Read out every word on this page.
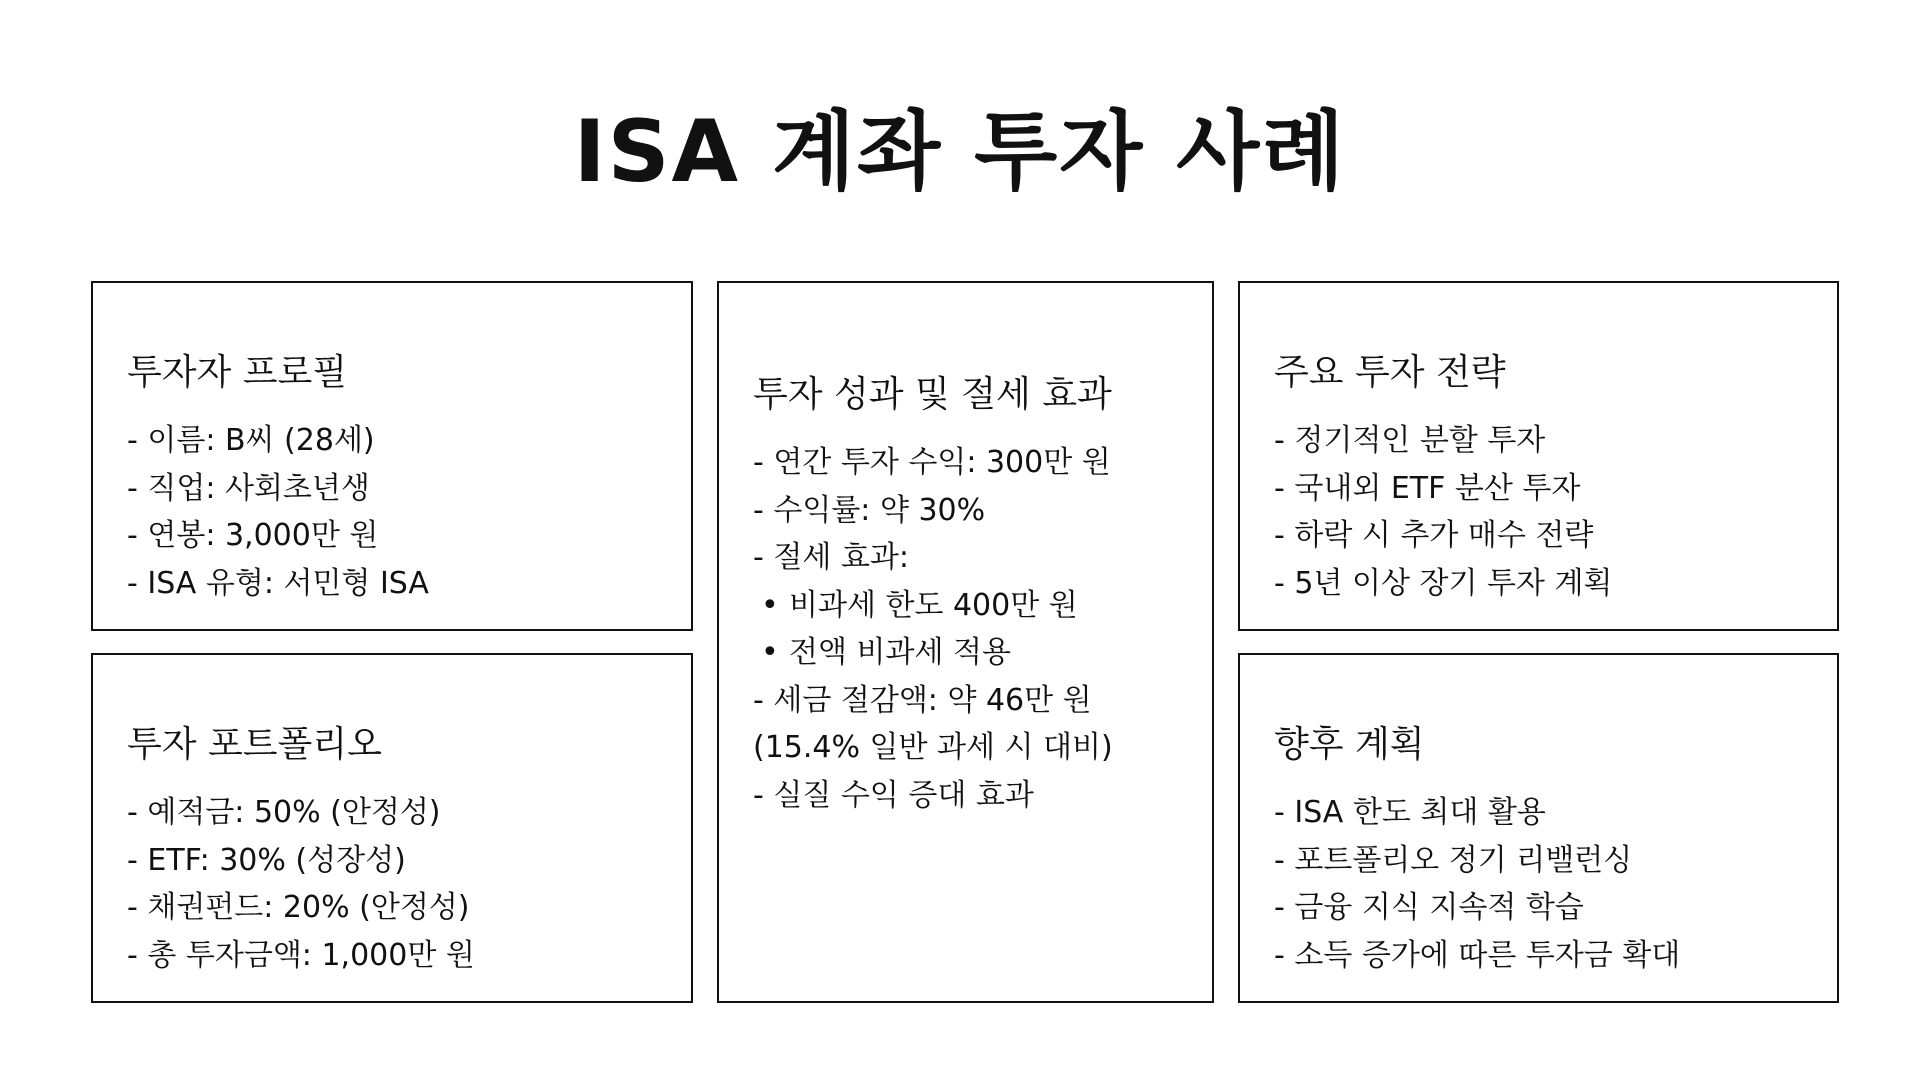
ISA 계좌 투자 사례
투자자 프로필
- 이름: B씨 (28세)
- 직업: 사회초년생
- 연봉: 3,000만 원
- ISA 유형: 서민형 ISA
투자 포트폴리오
- 예적금: 50% (안정성)
- ETF: 30% (성장성)
- 채권펀드: 20% (안정성)
- 총 투자금액: 1,000만 원
투자 성과 및 절세 효과
- 연간 투자 수익: 300만 원
- 수익률: 약 30%
- 절세 효과:
• 비과세 한도 400만 원
• 전액 비과세 적용
- 세금 절감액: 약 46만 원
(15.4% 일반 과세 시 대비)
- 실질 수익 증대 효과
주요 투자 전략
- 정기적인 분할 투자
- 국내외 ETF 분산 투자
- 하락 시 추가 매수 전략
- 5년 이상 장기 투자 계획
향후 계획
- ISA 한도 최대 활용
- 포트폴리오 정기 리밸런싱
- 금융 지식 지속적 학습
- 소득 증가에 따른 투자금 확대
